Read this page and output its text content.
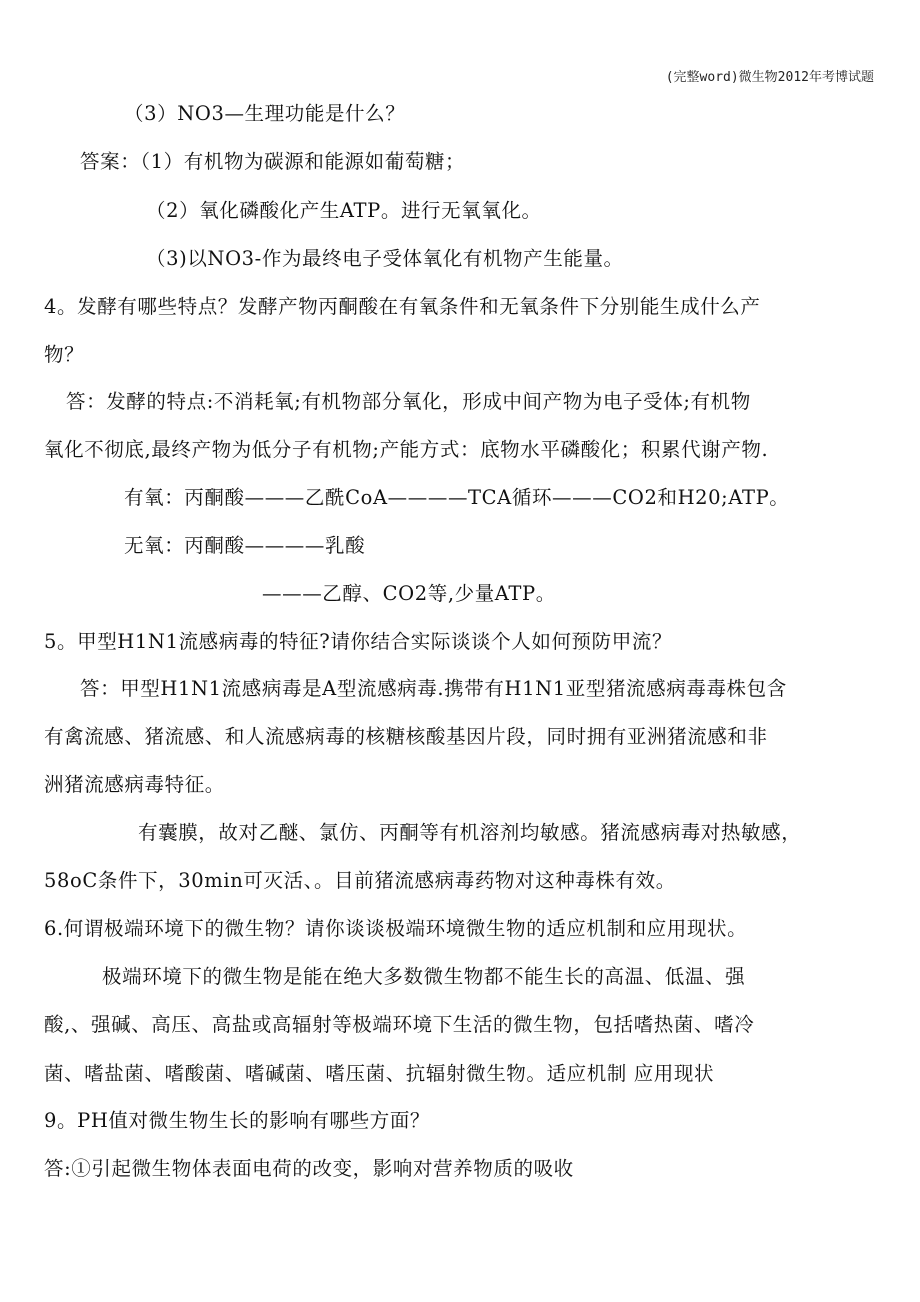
(完整word)微生物2012年考博试题
（3）NO3—生理功能是什么？
答案：（1）有机物为碳源和能源如葡萄糖；
（2）氧化磷酸化产生ATP。进行无氧氧化。
（3)以NO3-作为最终电子受体氧化有机物产生能量。
4。发酵有哪些特点？发酵产物丙酮酸在有氧条件和无氧条件下分别能生成什么产
物？
答：发酵的特点:不消耗氧;有机物部分氧化，形成中间产物为电子受体;有机物
氧化不彻底,最终产物为低分子有机物;产能方式：底物水平磷酸化；积累代谢产物.
有氧：丙酮酸———乙酰CoA————TCA循环———CO2和H20;ATP。
无氧：丙酮酸————乳酸
———乙醇、CO2等,少量ATP。
5。甲型H1N1流感病毒的特征?请你结合实际谈谈个人如何预防甲流？
答：甲型H1N1流感病毒是A型流感病毒.携带有H1N1亚型猪流感病毒毒株包含
有禽流感、猪流感、和人流感病毒的核糖核酸基因片段，同时拥有亚洲猪流感和非
洲猪流感病毒特征。
有囊膜，故对乙醚、氯仿、丙酮等有机溶剂均敏感。猪流感病毒对热敏感，
58oC条件下，30min可灭活、。目前猪流感病毒药物对这种毒株有效。
6.何谓极端环境下的微生物？请你谈谈极端环境微生物的适应机制和应用现状。
极端环境下的微生物是能在绝大多数微生物都不能生长的高温、低温、强
酸,、强碱、高压、高盐或高辐射等极端环境下生活的微生物，包括嗜热菌、嗜冷
菌、嗜盐菌、嗜酸菌、嗜碱菌、嗜压菌、抗辐射微生物。适应机制 应用现状
9。PH值对微生物生长的影响有哪些方面？
答:①引起微生物体表面电荷的改变，影响对营养物质的吸收
